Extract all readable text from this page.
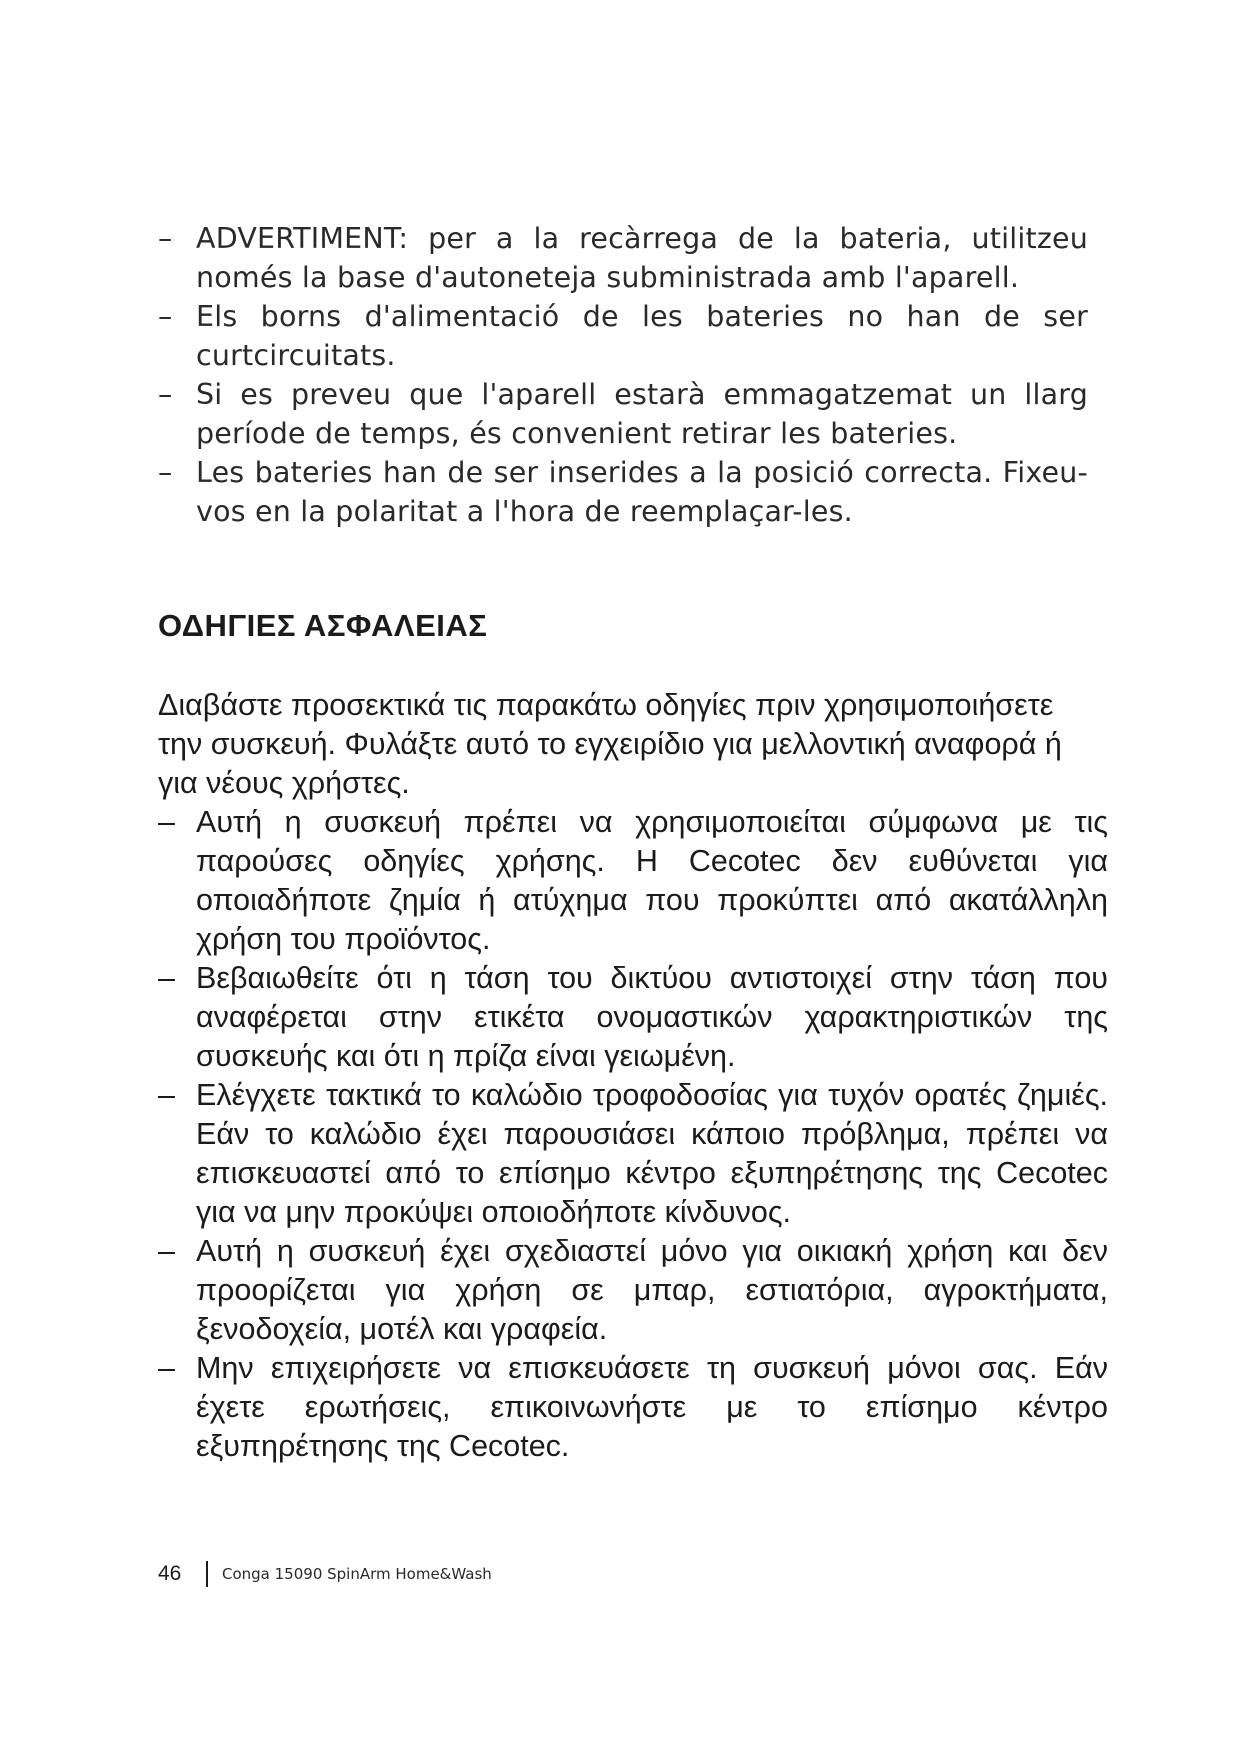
– ADVERTIMENT: per a la recàrrega de la bateria, utilitzeu només la base d'autoneteja subministrada amb l'aparell.
– Els borns d'alimentació de les bateries no han de ser curtcircuitats.
– Si es preveu que l'aparell estarà emmagatzemat un llarg període de temps, és convenient retirar les bateries.
– Les bateries han de ser inserides a la posició correcta. Fixeu-vos en la polaritat a l'hora de reemplaçar-les.
ΟΔΗΓΙΕΣ ΑΣΦΑΛΕΙΑΣ

Διαβάστε προσεκτικά τις παρακάτω οδηγίες πριν χρησιμοποιήσετε την συσκευή. Φυλάξτε αυτό το εγχειρίδιο για μελλοντική αναφορά ή για νέους χρήστες.

– Αυτή η συσκευή πρέπει να χρησιμοποιείται σύμφωνα με τις παρούσες οδηγίες χρήσης. Η Cecotec δεν ευθύνεται για οποιαδήποτε ζημία ή ατύχημα που προκύπτει από ακατάλληλη χρήση του προϊόντος.
– Βεβαιωθείτε ότι η τάση του δικτύου αντιστοιχεί στην τάση που αναφέρεται στην ετικέτα ονομαστικών χαρακτηριστικών της συσκευής και ότι η πρίζα είναι γειωμένη.
– Ελέγχετε τακτικά το καλώδιο τροφοδοσίας για τυχόν ορατές ζημιές. Εάν το καλώδιο έχει παρουσιάσει κάποιο πρόβλημα, πρέπει να επισκευαστεί από το επίσημο κέντρο εξυπηρέτησης της Cecotec για να μην προκύψει οποιοδήποτε κίνδυνος.
– Αυτή η συσκευή έχει σχεδιαστεί μόνο για οικιακή χρήση και δεν προορίζεται για χρήση σε μπαρ, εστιατόρια, αγροκτήματα, ξενοδοχεία, μοτέλ και γραφεία.
– Μην επιχειρήσετε να επισκευάσετε τη συσκευή μόνοι σας. Εάν έχετε ερωτήσεις, επικοινωνήστε με το επίσημο κέντρο εξυπηρέτησης της Cecotec.
46	Conga 15090 SpinArm Home&Wash
